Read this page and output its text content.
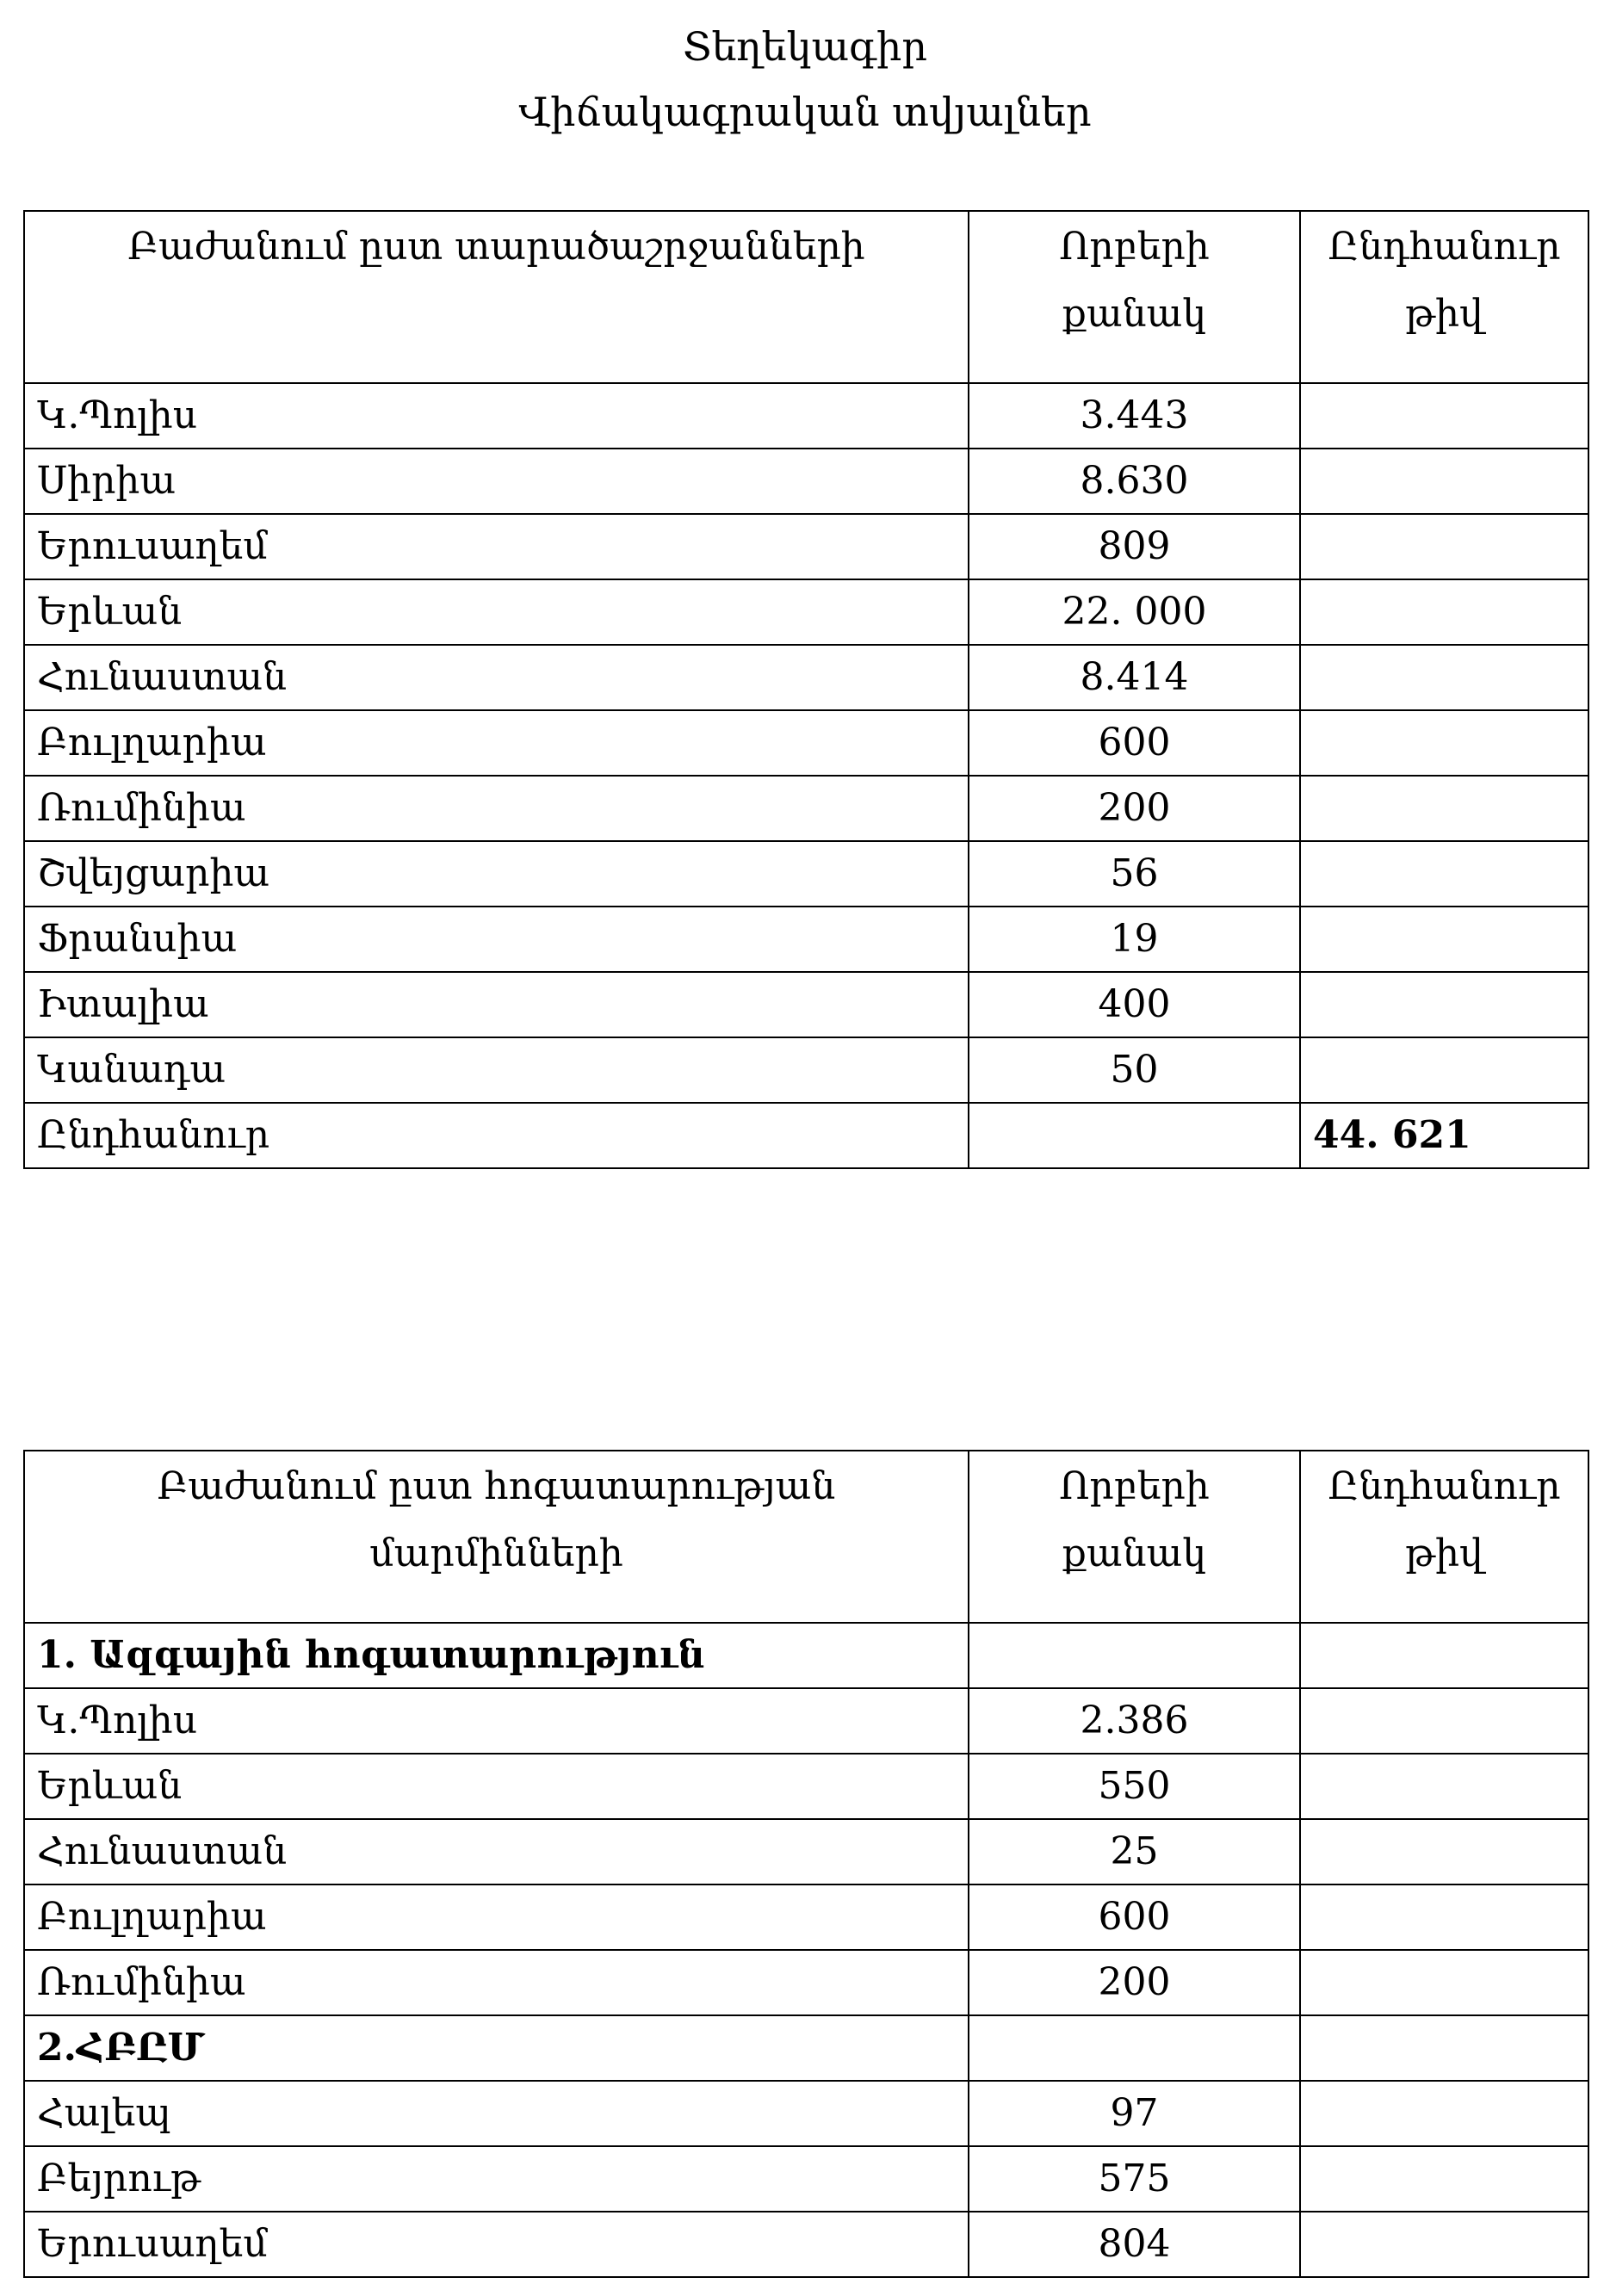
Տեղեկագիր
Վիճակագրական տվյալներ
Բաժանում ըստ տարածաշրջանների	Որբերի քանակ	Ընդհանուր թիվ
Կ.Պոլիս	3.443	
Սիրիա	8.630	
Երուսաղեմ	809	
Երևան	22. 000	
Հունաստան	8.414	
Բուլղարիա	600	
Ռումինիա	200	
Շվեյցարիա	56	
Ֆրանսիա	19	
Իտալիա	400	
Կանադա	50	
Ընդհանուր		44. 621
Բաժանում ըստ հոգատարության մարմինների	Որբերի քանակ	Ընդհանուր թիվ
1. Ազգային հոգատարություն		
Կ.Պոլիս	2.386	
Երևան	550	
Հունաստան	25	
Բուլղարիա	600	
Ռումինիա	200	
2.ՀԲԸՄ		
Հալեպ	97	
Բեյրութ	575	
Երուսաղեմ	804	
